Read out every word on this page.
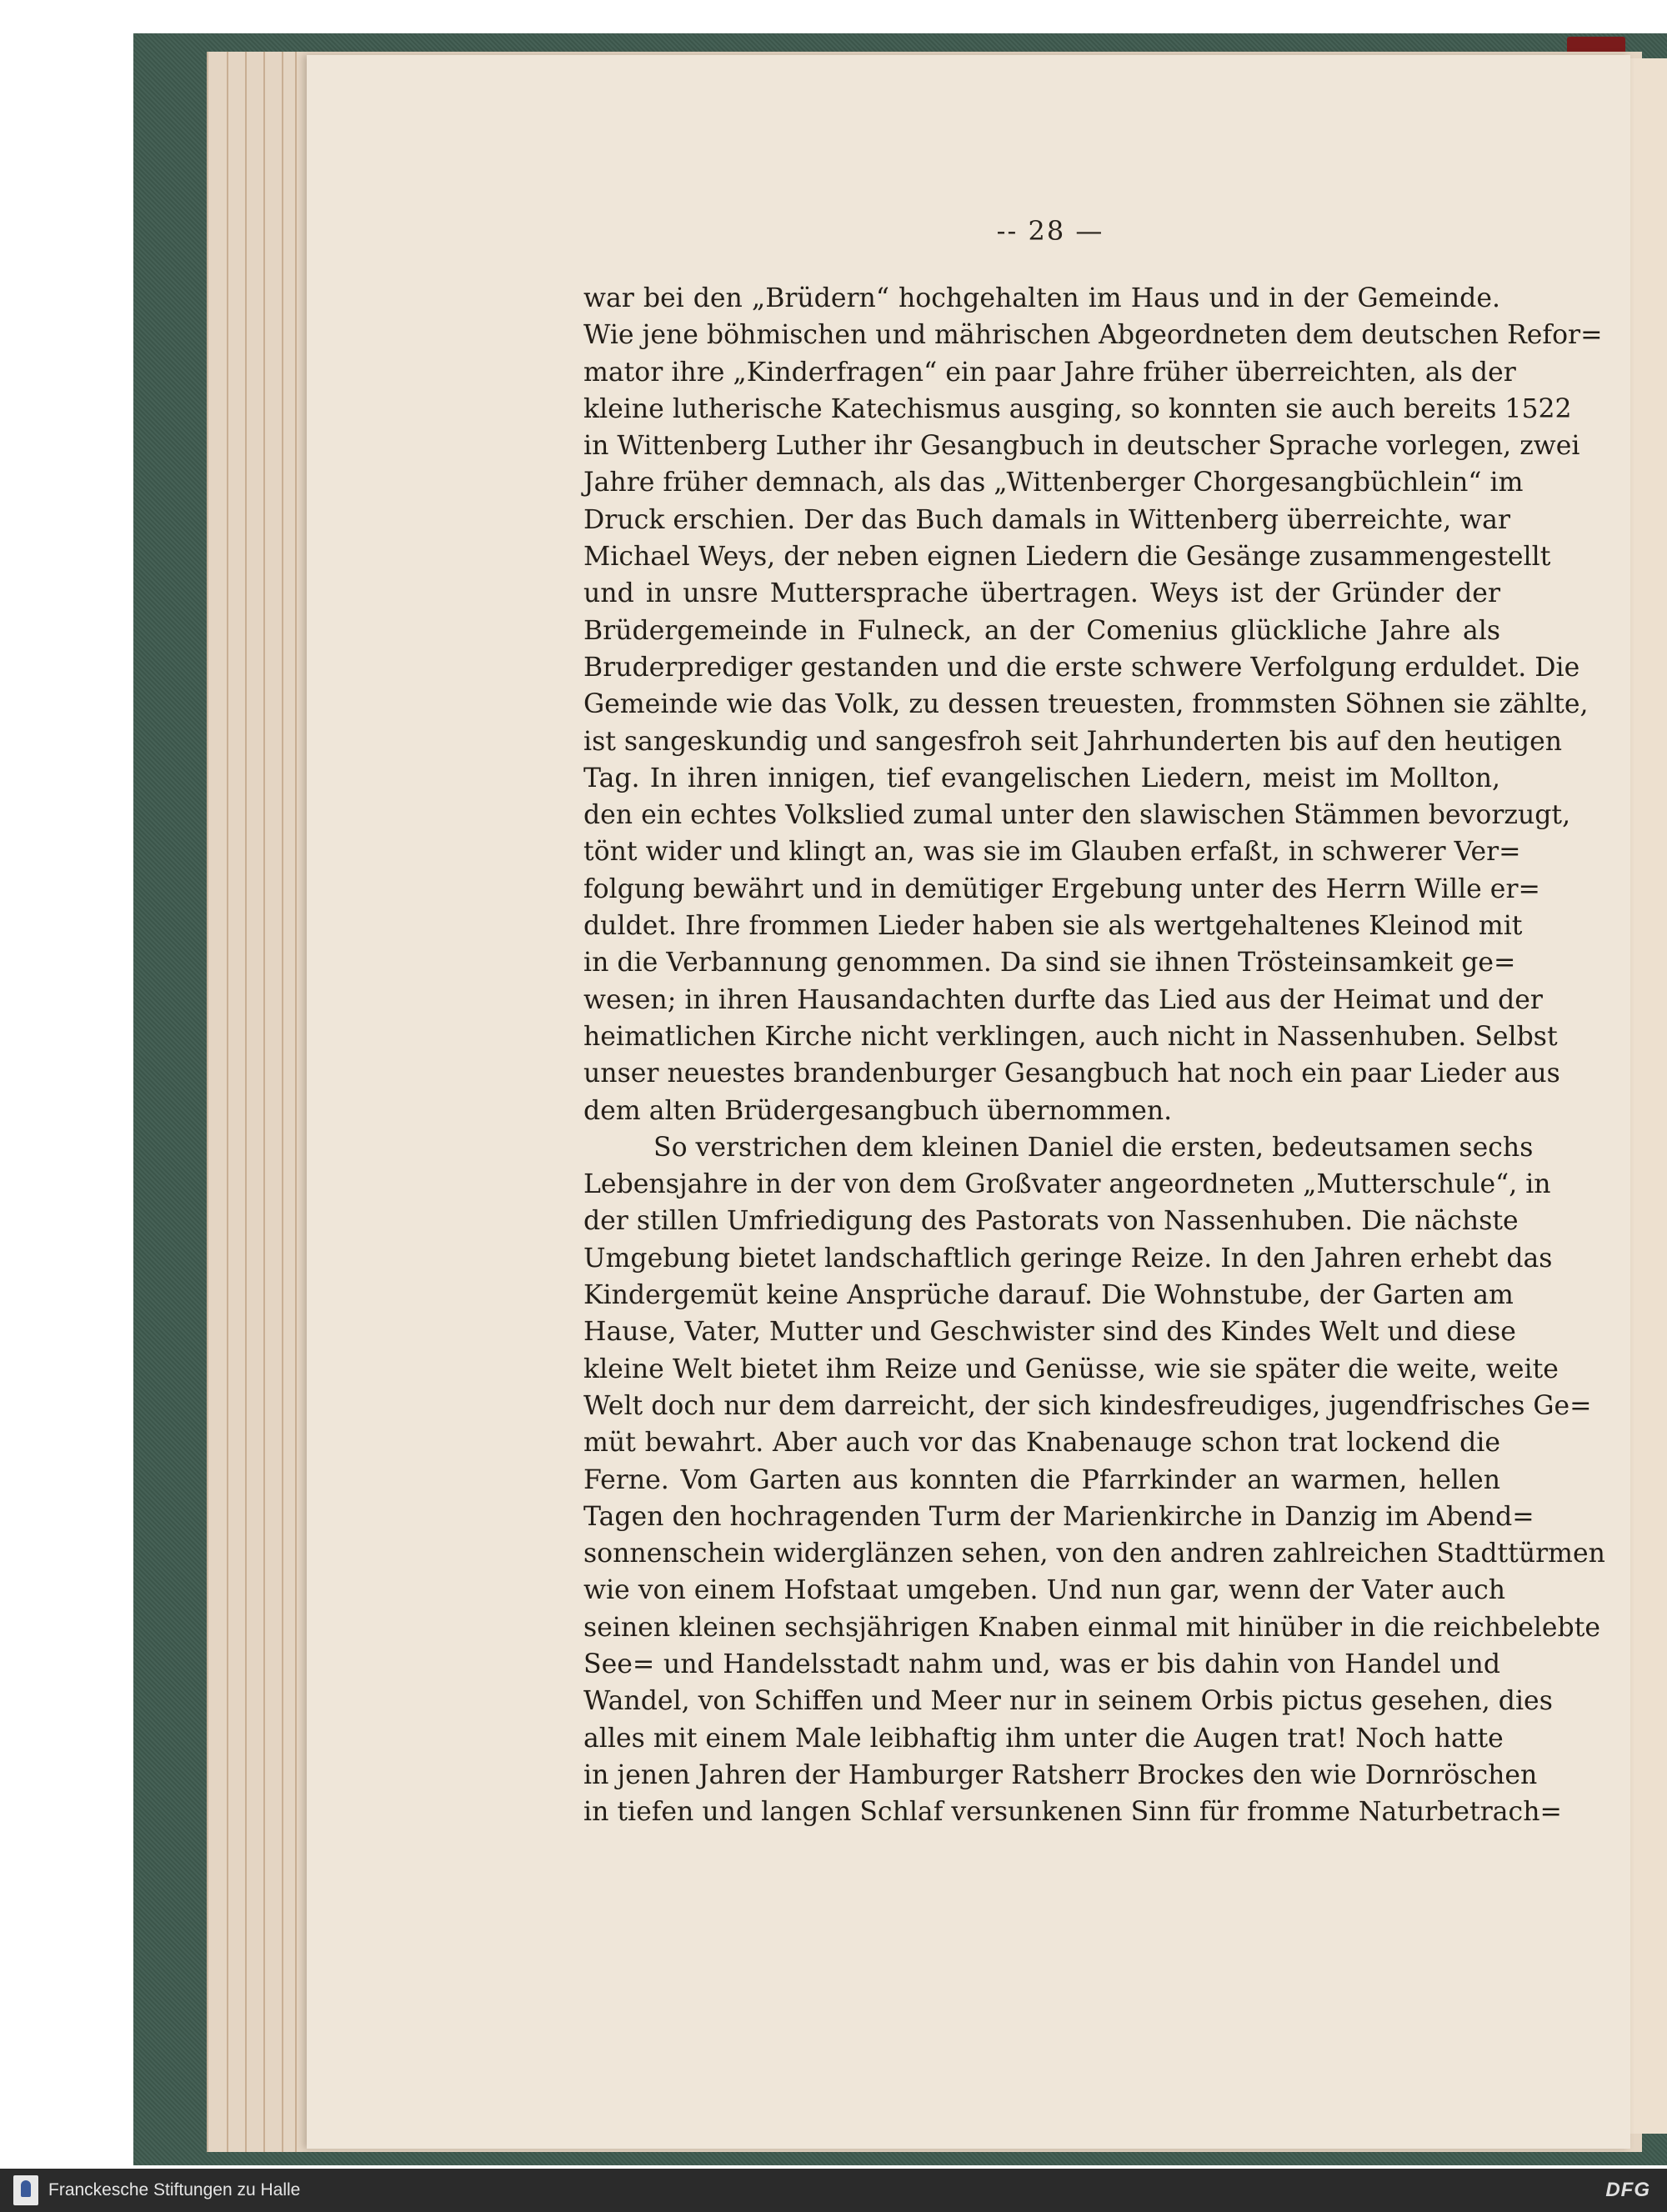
-- 28 —
war bei den „Brüdern“ hochgehalten im Haus und in der Gemeinde.
Wie jene böhmischen und mährischen Abgeordneten dem deutschen Refor=
mator ihre „Kinderfragen“ ein paar Jahre früher überreichten, als der
kleine lutherische Katechismus ausging, so konnten sie auch bereits 1522
in Wittenberg Luther ihr Gesangbuch in deutscher Sprache vorlegen, zwei
Jahre früher demnach, als das „Wittenberger Chorgesangbüchlein“ im
Druck erschien. Der das Buch damals in Wittenberg überreichte, war
Michael Weys, der neben eignen Liedern die Gesänge zusammengestellt
und in unsre Muttersprache übertragen. Weys ist der Gründer der
Brüdergemeinde in Fulneck, an der Comenius glückliche Jahre als
Bruderprediger gestanden und die erste schwere Verfolgung erduldet. Die
Gemeinde wie das Volk, zu dessen treuesten, frommsten Söhnen sie zählte,
ist sangeskundig und sangesfroh seit Jahrhunderten bis auf den heutigen
Tag. In ihren innigen, tief evangelischen Liedern, meist im Mollton,
den ein echtes Volkslied zumal unter den slawischen Stämmen bevorzugt,
tönt wider und klingt an, was sie im Glauben erfaßt, in schwerer Ver=
folgung bewährt und in demütiger Ergebung unter des Herrn Wille er=
duldet. Ihre frommen Lieder haben sie als wertgehaltenes Kleinod mit
in die Verbannung genommen. Da sind sie ihnen Trösteinsamkeit ge=
wesen; in ihren Hausandachten durfte das Lied aus der Heimat und der
heimatlichen Kirche nicht verklingen, auch nicht in Nassenhuben. Selbst
unser neuestes brandenburger Gesangbuch hat noch ein paar Lieder aus
dem alten Brüdergesangbuch übernommen.
So verstrichen dem kleinen Daniel die ersten, bedeutsamen sechs
Lebensjahre in der von dem Großvater angeordneten „Mutterschule“, in
der stillen Umfriedigung des Pastorats von Nassenhuben. Die nächste
Umgebung bietet landschaftlich geringe Reize. In den Jahren erhebt das
Kindergemüt keine Ansprüche darauf. Die Wohnstube, der Garten am
Hause, Vater, Mutter und Geschwister sind des Kindes Welt und diese
kleine Welt bietet ihm Reize und Genüsse, wie sie später die weite, weite
Welt doch nur dem darreicht, der sich kindesfreudiges, jugendfrisches Ge=
müt bewahrt. Aber auch vor das Knabenauge schon trat lockend die
Ferne. Vom Garten aus konnten die Pfarrkinder an warmen, hellen
Tagen den hochragenden Turm der Marienkirche in Danzig im Abend=
sonnenschein widerglänzen sehen, von den andren zahlreichen Stadttürmen
wie von einem Hofstaat umgeben. Und nun gar, wenn der Vater auch
seinen kleinen sechsjährigen Knaben einmal mit hinüber in die reichbelebte
See= und Handelsstadt nahm und, was er bis dahin von Handel und
Wandel, von Schiffen und Meer nur in seinem Orbis pictus gesehen, dies
alles mit einem Male leibhaftig ihm unter die Augen trat! Noch hatte
in jenen Jahren der Hamburger Ratsherr Brockes den wie Dornröschen
in tiefen und langen Schlaf versunkenen Sinn für fromme Naturbetrach=
Franckesche Stiftungen zu Halle	DFG
